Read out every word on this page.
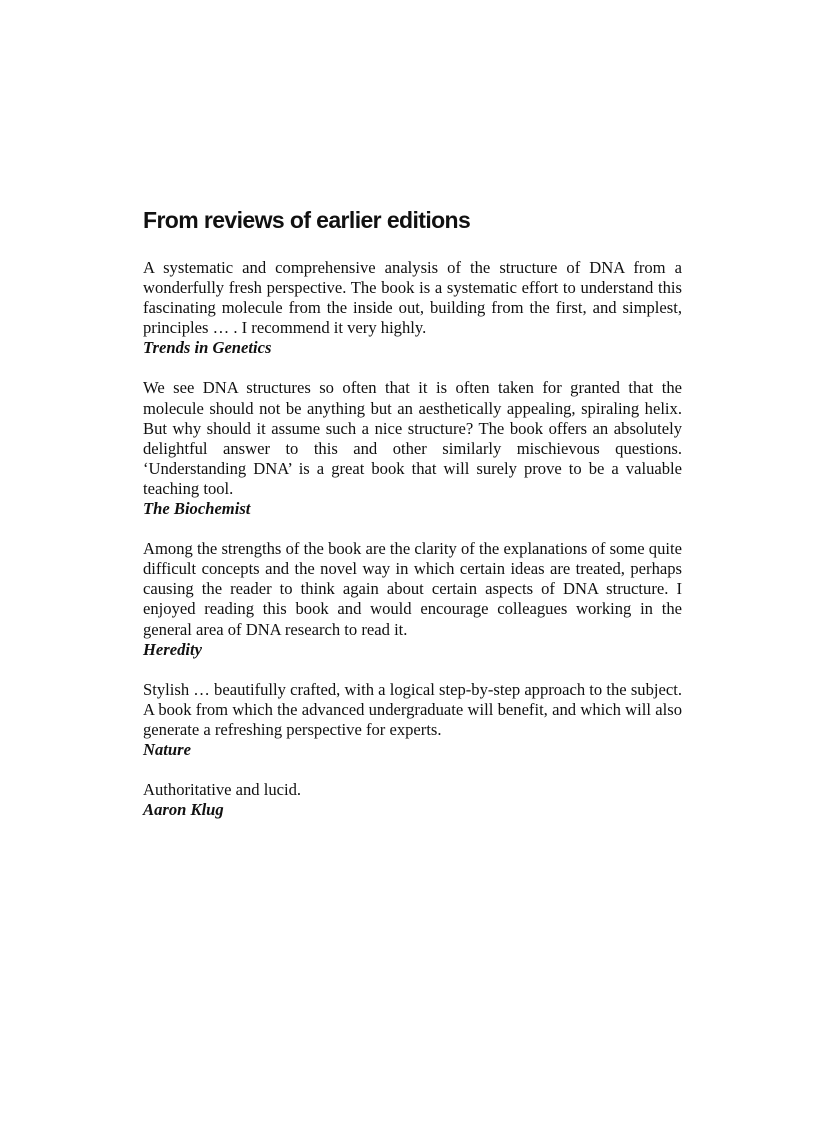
From reviews of earlier editions

A systematic and comprehensive analysis of the structure of DNA from a wonderfully fresh perspective. The book is a systematic effort to understand this fascinating molecule from the inside out, building from the first, and simplest, principles … . I recommend it very highly.

Trends in Genetics

We see DNA structures so often that it is often taken for granted that the molecule should not be anything but an aesthetically appealing, spiraling helix. But why should it assume such a nice structure? The book offers an absolutely delightful answer to this and other similarly mischievous questions. ‘Understanding DNA’ is a great book that will surely prove to be a valuable teaching tool.

The Biochemist

Among the strengths of the book are the clarity of the explanations of some quite difficult concepts and the novel way in which certain ideas are treated, perhaps causing the reader to think again about certain aspects of DNA structure. I enjoyed reading this book and would encourage colleagues working in the general area of DNA research to read it.

Heredity

Stylish … beautifully crafted, with a logical step-by-step approach to the subject. A book from which the advanced undergraduate will benefit, and which will also generate a refreshing perspective for experts.

Nature

Authoritative and lucid.

Aaron Klug
